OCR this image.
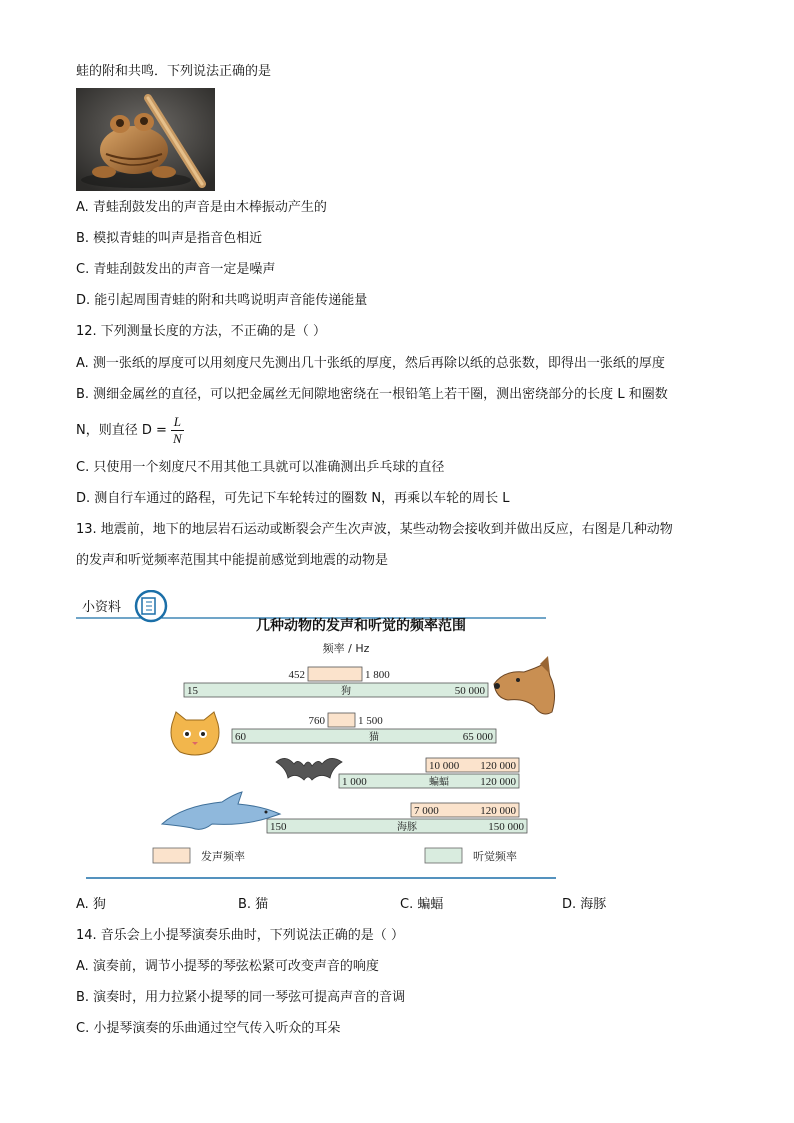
蛙的附和共鸣．下列说法正确的是
A. 青蛙刮鼓发出的声音是由木棒振动产生的
B. 模拟青蛙的叫声是指音色相近
C. 青蛙刮鼓发出的声音一定是噪声
D. 能引起周围青蛙的附和共鸣说明声音能传递能量
12. 下列测量长度的方法，不正确的是（ ）
A. 测一张纸的厚度可以用刻度尺先测出几十张纸的厚度，然后再除以纸的总张数，即得出一张纸的厚度
B. 测细金属丝的直径，可以把金属丝无间隙地密绕在一根铅笔上若干圈，测出密绕部分的长度 L 和圈数
N，则直径 $D = \frac{L}{N}$
C. 只使用一个刻度尺不用其他工具就可以准确测出乒乓球的直径
D. 测自行车通过的路程，可先记下车轮转过的圈数 N，再乘以车轮的周长 L
13. 地震前，地下的地层岩石运动或断裂会产生次声波，某些动物会接收到并做出反应，右图是几种动物
的发声和听觉频率范围其中能提前感觉到地震的动物是
小资料
几种动物的发声和听觉的频率范围
频率 / Hz
15	50 000
狗
452	1 800
60	65 000
猫
760	1 500
1 000	120 000
蝙蝠
10 000 120 000
150	150 000
海豚
7 000	120 000
发声频率	听觉频率
A. 狗	B. 猫	C. 蝙蝠	D. 海豚
14. 音乐会上小提琴演奏乐曲时，下列说法正确的是（ ）
A. 演奏前，调节小提琴的琴弦松紧可改变声音的响度
B. 演奏时，用力拉紧小提琴的同一琴弦可提高声音的音调
C. 小提琴演奏的乐曲通过空气传入听众的耳朵
